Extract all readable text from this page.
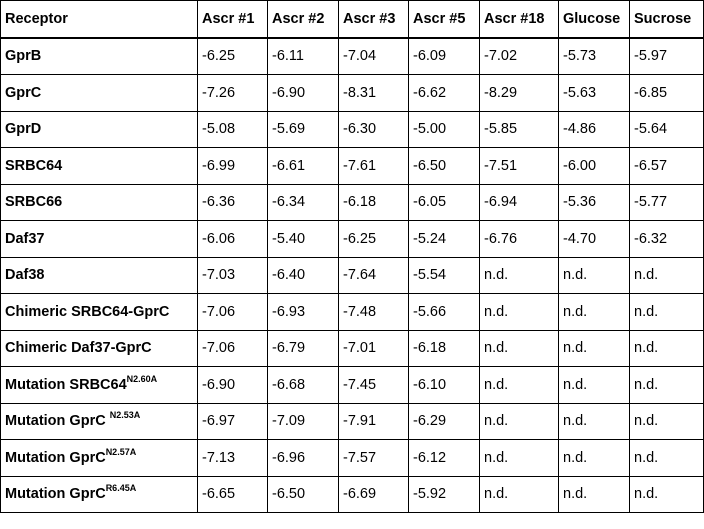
Receptor	Ascr #1	Ascr #2	Ascr #3	Ascr #5	Ascr #18	Glucose	Sucrose
GprB	-6.25	-6.11	-7.04	-6.09	-7.02	-5.73	-5.97
GprC	-7.26	-6.90	-8.31	-6.62	-8.29	-5.63	-6.85
GprD	-5.08	-5.69	-6.30	-5.00	-5.85	-4.86	-5.64
SRBC64	-6.99	-6.61	-7.61	-6.50	-7.51	-6.00	-6.57
SRBC66	-6.36	-6.34	-6.18	-6.05	-6.94	-5.36	-5.77
Daf37	-6.06	-5.40	-6.25	-5.24	-6.76	-4.70	-6.32
Daf38	-7.03	-6.40	-7.64	-5.54	n.d.	n.d.	n.d.
Chimeric SRBC64-GprC	-7.06	-6.93	-7.48	-5.66	n.d.	n.d.	n.d.
Chimeric Daf37-GprC	-7.06	-6.79	-7.01	-6.18	n.d.	n.d.	n.d.
Mutation $SRBC64^{N2.60A}$	-6.90	-6.68	-7.45	-6.10	n.d.	n.d.	n.d.
Mutation GprC $^{N2.53A}$	-6.97	-7.09	-7.91	-6.29	n.d.	n.d.	n.d.
Mutation GprC$^{N2.57A}$	-7.13	-6.96	-7.57	-6.12	n.d.	n.d.	n.d.
Mutation GprC$^{R6.45A}$	-6.65	-6.50	-6.69	-5.92	n.d.	n.d.	n.d.
